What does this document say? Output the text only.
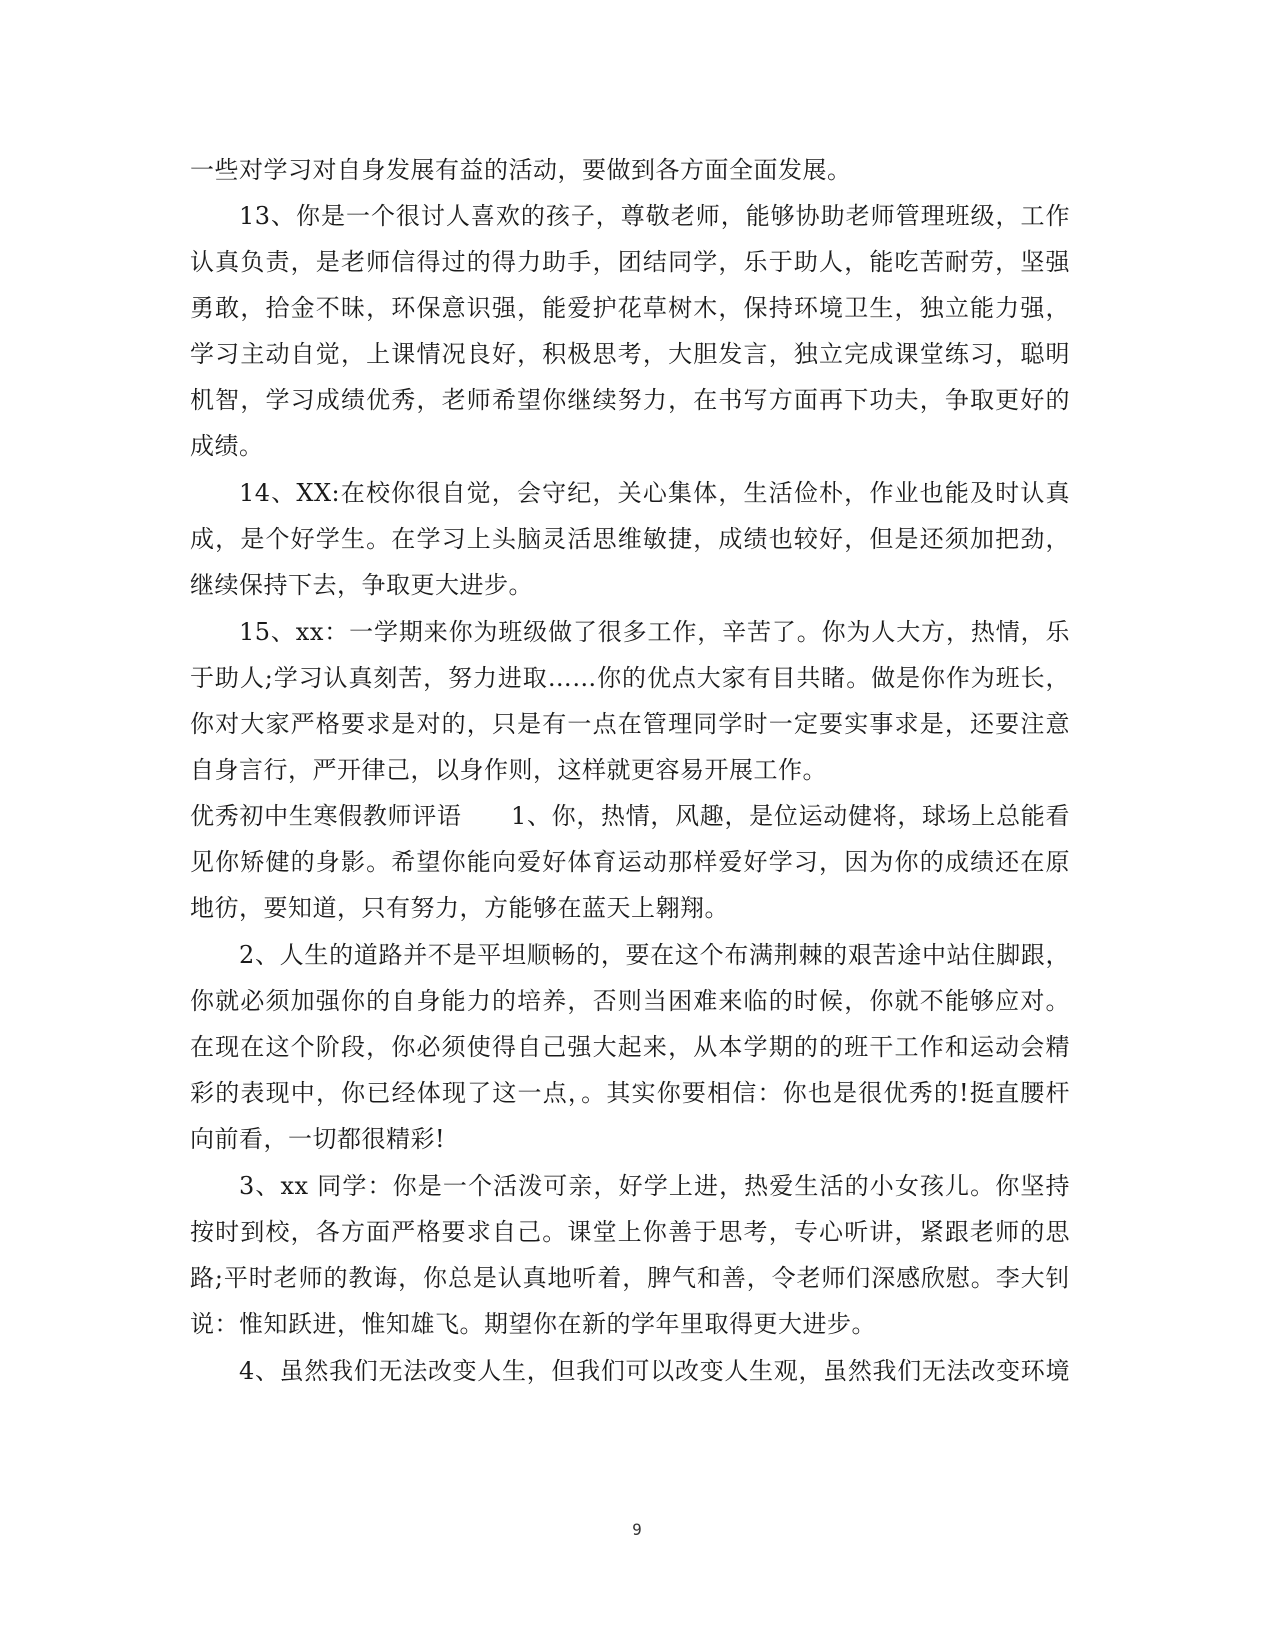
一些对学习对自身发展有益的活动，要做到各方面全面发展。
13、你是一个很讨人喜欢的孩子，尊敬老师，能够协助老师管理班级，工作
认真负责，是老师信得过的得力助手，团结同学，乐于助人，能吃苦耐劳，坚强
勇敢，拾金不昧，环保意识强，能爱护花草树木，保持环境卫生，独立能力强，
学习主动自觉，上课情况良好，积极思考，大胆发言，独立完成课堂练习，聪明
机智，学习成绩优秀，老师希望你继续努力，在书写方面再下功夫，争取更好的
成绩。
14、XX:在校你很自觉，会守纪，关心集体，生活俭朴，作业也能及时认真
成，是个好学生。在学习上头脑灵活思维敏捷，成绩也较好，但是还须加把劲，
继续保持下去，争取更大进步。
15、xx：一学期来你为班级做了很多工作，辛苦了。你为人大方，热情，乐
于助人;学习认真刻苦，努力进取……你的优点大家有目共睹。做是你作为班长，
你对大家严格要求是对的，只是有一点在管理同学时一定要实事求是，还要注意
自身言行，严开律己，以身作则，这样就更容易开展工作。
优秀初中生寒假教师评语　　1、你，热情，风趣，是位运动健将，球场上总能看
见你矫健的身影。希望你能向爱好体育运动那样爱好学习，因为你的成绩还在原
地彷，要知道，只有努力，方能够在蓝天上翱翔。
2、人生的道路并不是平坦顺畅的，要在这个布满荆棘的艰苦途中站住脚跟，
你就必须加强你的自身能力的培养，否则当困难来临的时候，你就不能够应对。
在现在这个阶段，你必须使得自己强大起来，从本学期的的班干工作和运动会精
彩的表现中，你已经体现了这一点，。其实你要相信：你也是很优秀的!挺直腰杆
向前看，一切都很精彩!
3、xx 同学：你是一个活泼可亲，好学上进，热爱生活的小女孩儿。你坚持
按时到校，各方面严格要求自己。课堂上你善于思考，专心听讲，紧跟老师的思
路;平时老师的教诲，你总是认真地听着，脾气和善，令老师们深感欣慰。李大钊
说：惟知跃进，惟知雄飞。期望你在新的学年里取得更大进步。
4、虽然我们无法改变人生，但我们可以改变人生观，虽然我们无法改变环境
9
